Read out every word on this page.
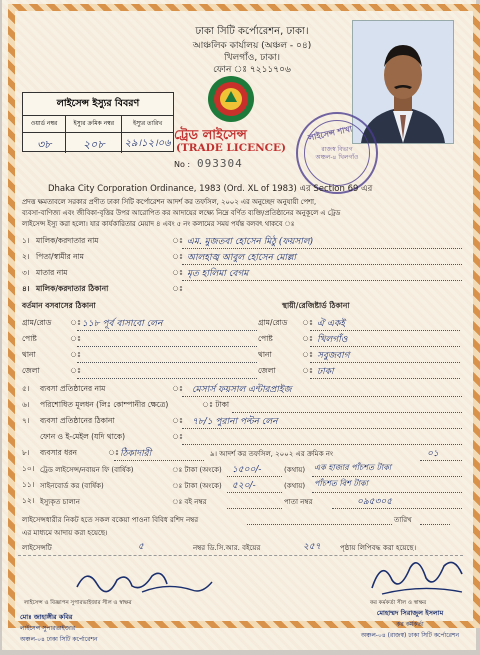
ঢাকা সিটি কর্পোরেশন, ঢাকা।
আঞ্চলিক কার্যালয় (অঞ্চল - ০৪)
খিলগাঁও, ঢাকা।
ফোন ঃ ৭২১১৭০৬
লাইসেন্স ইস্যুর বিবরণ
ওয়ার্ড নম্বর	ইস্যুর ক্রমিক নম্বর	ইস্যুর তারিখ
৩৮	২০৮	২৯।১২।০৬
ট্রেড লাইসেন্স
(TRADE LICENCE)
No : 093304
লাইসেন্স শাখা
রাজস্ব বিভাগ অঞ্চল-৪ খিলগাঁও
Dhaka City Corporation Ordinance, 1983 (Ord. XL of 1983) এর Section 69 এর
প্রদত্ত ক্ষমতাবলে সরকার প্রণীত ঢাকা সিটি কর্পোরেশন আদর্শ কর তফসিল, ২০০২ এর অনুচ্ছেদ অনুযায়ী পেশা,
ব্যবসা-বাণিজ্য এবং জীবিকা-বৃত্তির উপর আরোপিত কর আদায়ের লক্ষ্যে নিম্নে বর্ণিত ব্যক্তি/প্রতিষ্ঠানের অনুকূলে এ ট্রেড
লাইসেন্স ইস্যু করা হলো। যার কার্যকারিতার মেয়াদ ৪ এবং ৫ নং কলামের সময় পর্যন্ত বলবৎ থাকবে ঃ
১। মালিক/করদাতার নাম	ঃ এম. মুজতবা হোসেন মিঠু (ফয়সাল)
২। পিতা/স্বামীর নাম	ঃ আলহাজ্ব আবুল হোসেন মোল্লা
৩। মাতার নাম	ঃ মৃত হালিমা বেগম
৪। মালিক/করদাতার ঠিকানা	ঃ
বর্তমান বসবাসের ঠিকানা	স্থায়ী/রেজিষ্টার্ড ঠিকানা
গ্রাম/রোড ঃ ১১৮ পূর্ব বাসাবো লেন	গ্রাম/রোড ঃ ঐ একই
পোষ্ট	ঃ	পোষ্ট	ঃ খিলগাঁও
থানা	ঃ	থানা	ঃ সবুজবাগ
জেলা	ঃ	জেলা	ঃ ঢাকা
৫। ব্যবসা প্রতিষ্ঠানের নাম	ঃ মেসার্স ফয়সাল এন্টারপ্রাইজ
৬। পরিশোধিত মূলধন (লিঃ কোম্পানীর ক্ষেত্রে)	ঃ টাকা
৭। ব্যবসা প্রতিষ্ঠানের ঠিকানা	ঃ ৭৮/১ পুরানা পল্টন লেন
ফোন ও ই-মেইল (যদি থাকে)	ঃ
৮। ব্যবসার ধরন	ঃ ঠিকাদারী	৯। আদর্শ কর তফসিল, ২০০২ এর ক্রমিক নং	০১
১০। ট্রেড লাইসেন্স/নবায়ন ফি (বার্ষিক)	ঃ টাকা (অংকে) ১৫০০/-	(কথায়) এক হাজার পাঁচশত টাকা
১১। সাইনবোর্ড কর (বার্ষিক)	ঃ টাকা (অংকে) ৫২০/-	(কথায়) পাঁচশত বিশ টাকা
১২। ইস্যুকৃত চালান	ঃ বই নম্বর	পাতা নম্বর	০৯৫৩০৫
লাইসেন্সধারীর নিকট হতে সকল বকেয়া পাওনা বিবিধ রশিদ নম্বর	তারিখ
এর মাধ্যমে আদায় করা হয়েছে।
লাইসেন্সটি	৫	নম্বর ডি.সি.আর. বইয়ের	২৫৭	পৃষ্ঠায় লিপিবদ্ধ করা হয়েছে।
লাইসেন্স ও বিজ্ঞাপন সুপারভাইজার সীল ও স্বাক্ষর	কর কর্মকর্তা সীল ও স্বাক্ষর
মোঃ জাহাঙ্গীর কবির
লাইসেন্স সুপারভাইজার
অঞ্চল-০৪ ঢাকা সিটি কর্পোরেশন
মোহাম্মদ সিরাজুল ইসলাম
কর কর্মকর্তা
অঞ্চল-০৪ (রাজস্ব) ঢাকা সিটি কর্পোরেশন
